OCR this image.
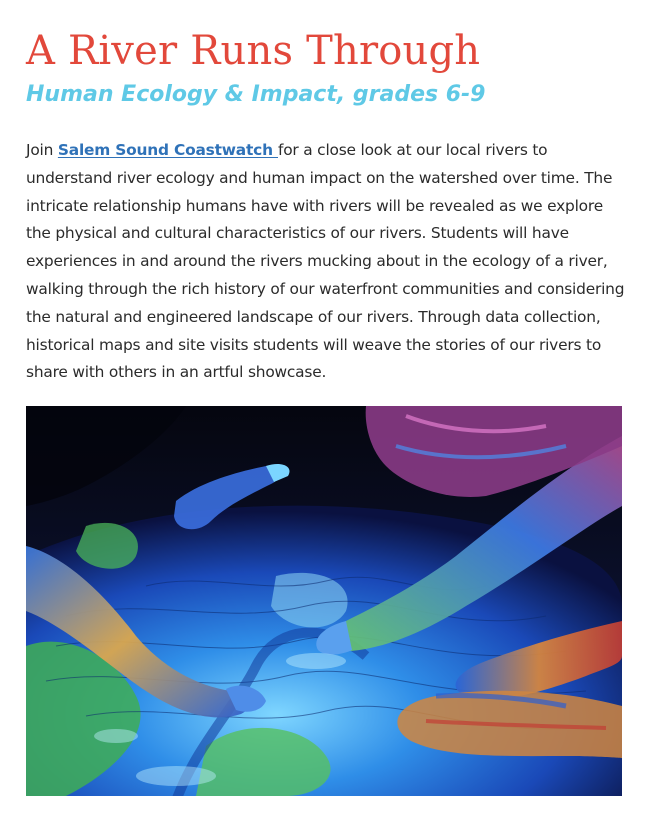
A River Runs Through
Human Ecology & Impact, grades 6-9

Join Salem Sound Coastwatch for a close look at our local rivers to understand river ecology and human impact on the watershed over time. The intricate relationship humans have with rivers will be revealed as we explore the physical and cultural characteristics of our rivers. Students will have experiences in and around the rivers mucking about in the ecology of a river, walking through the rich history of our waterfront communities and considering the natural and engineered landscape of our rivers. Through data collection, historical maps and site visits students will weave the stories of our rivers to share with others in an artful showcase.
